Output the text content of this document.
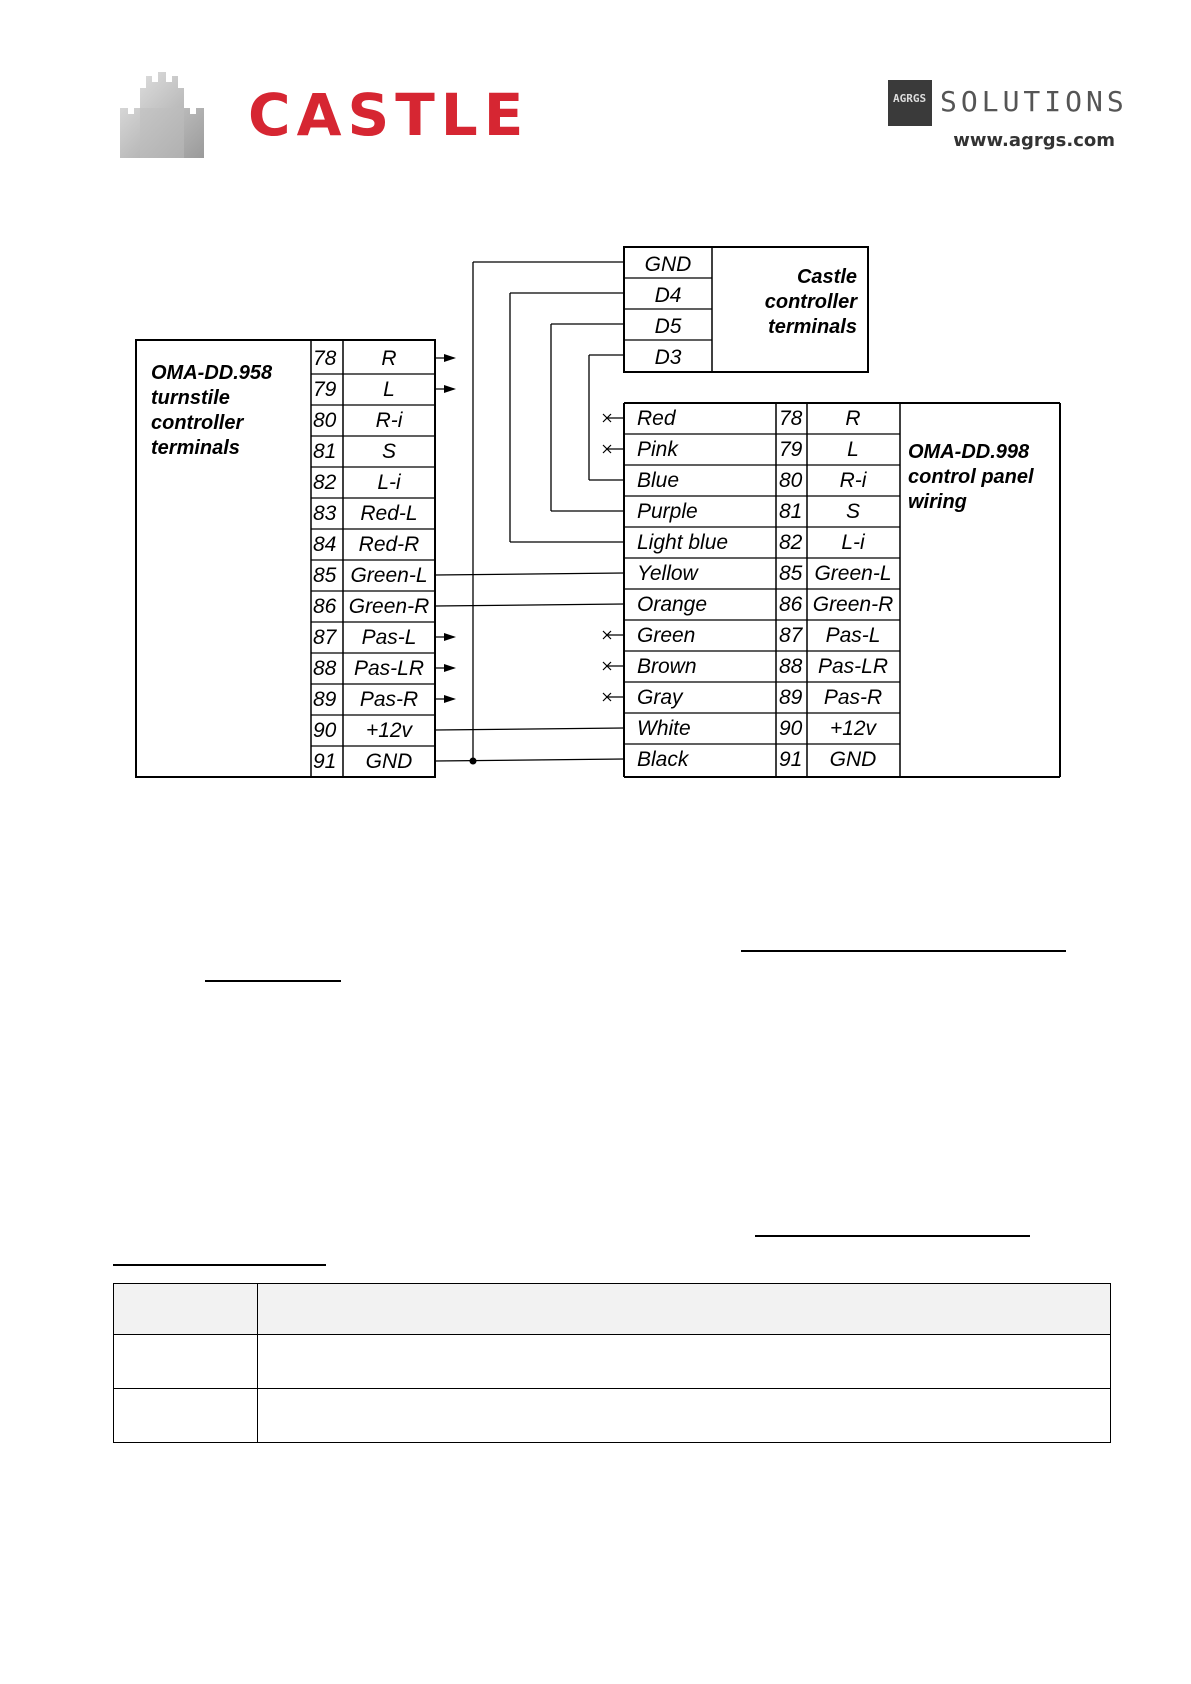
CASTLE	AGRGS SOLUTIONS
www.agrgs.com
OMA-DD.958
turnstile
controller
terminals
78 R
79 L
80 R-i
81 S
82 L-i
83 Red-L
84 Red-R
85 Green-L
86 Green-R
87 Pas-L
88 Pas-LR
89 Pas-R
90 +12v
91 GND
GND
D4
D5
D3
Castle
controller
terminals
OMA-DD.998
control panel
wiring
Red	78 R
Pink	79 L
Blue	80 R-i
Purple	81 S
Light blue 82 L-i
Yellow	85 Green-L
Orange	86 Green-R
Green	87 Pas-L
Brown	88 Pas-LR
Gray	89 Pas-R
White	90 +12v
Black	91 GND
